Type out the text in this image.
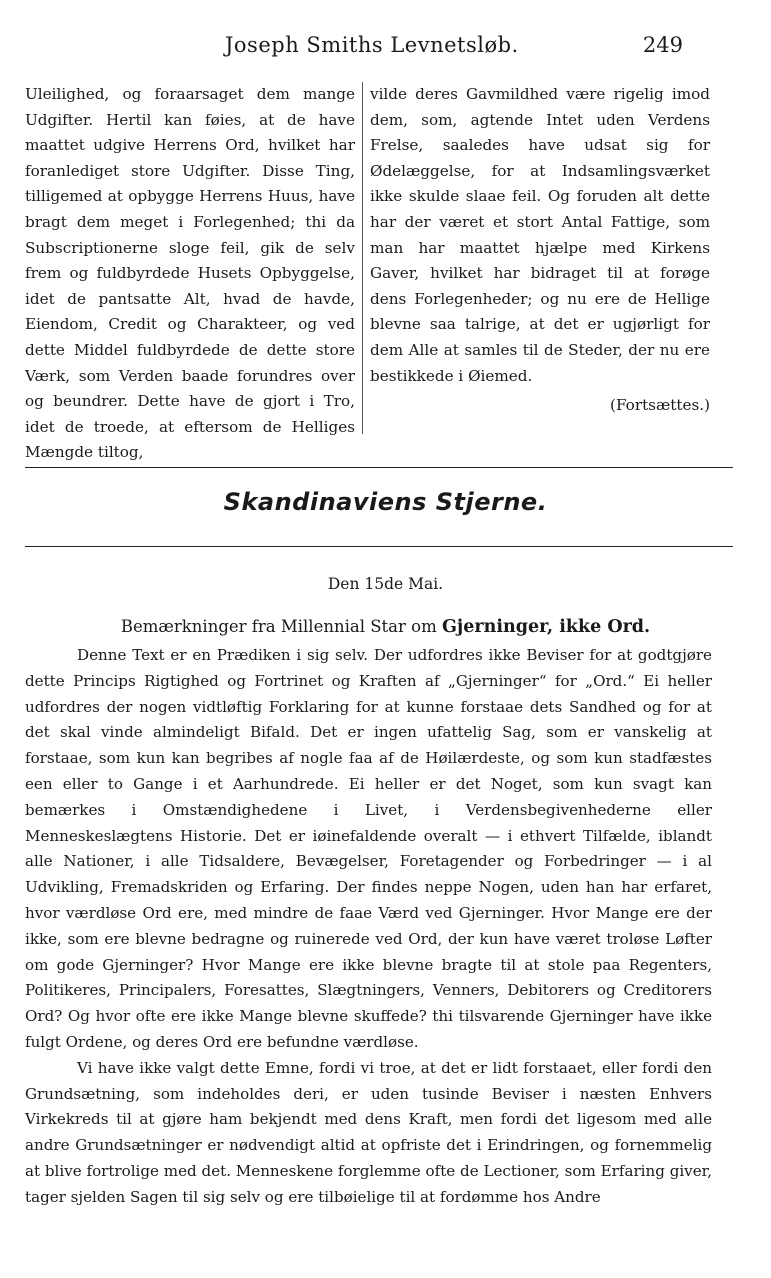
Joseph Smiths Levnetsløb.	249

Uleilighed, og foraarsaget dem mange Udgifter. Hertil kan føies, at de have maattet udgive Herrens Ord, hvilket har foranlediget store Udgifter. Disse Ting, tilligemed at opbygge Herrens Huus, have bragt dem meget i Forlegenhed; thi da Subscriptionerne sloge feil, gik de selv frem og fuldbyrdede Husets Opbyggelse, idet de pantsatte Alt, hvad de havde, Eiendom, Credit og Charakteer, og ved dette Middel fuldbyrdede de dette store Værk, som Verden baade forundres over og beundrer. Dette have de gjort i Tro, idet de troede, at eftersom de Helliges Mængde tiltog,

vilde deres Gavmildhed være rigelig imod dem, som, agtende Intet uden Verdens Frelse, saaledes have udsat sig for Ødelæggelse, for at Indsamlingsværket ikke skulde slaae feil. Og foruden alt dette har der været et stort Antal Fattige, som man har maattet hjælpe med Kirkens Gaver, hvilket har bidraget til at forøge dens Forlegenheder; og nu ere de Hellige blevne saa talrige, at det er ugjørligt for dem Alle at samles til de Steder, der nu ere bestikkede i Øiemed.

(Fortsættes.)
Skandinaviens Stjerne.
Den 15de Mai.
Bemærkninger fra Millennial Star om Gjerninger, ikke Ord.

Denne Text er en Prædiken i sig selv. Der udfordres ikke Beviser for at godtgjøre dette Princips Rigtighed og Fortrinet og Kraften af „Gjerninger“ for „Ord.“ Ei heller udfordres der nogen vidtløftig Forklaring for at kunne forstaae dets Sandhed og for at det skal vinde almindeligt Bifald. Det er ingen ufattelig Sag, som er vanskelig at forstaae, som kun kan begribes af nogle faa af de Høilærdeste, og som kun stadfæstes een eller to Gange i et Aarhundrede. Ei heller er det Noget, som kun svagt kan bemærkes i Omstændighedene i Livet, i Verdensbegivenhederne eller Menneskeslægtens Historie. Det er iøinefaldende overalt — i ethvert Tilfælde, iblandt alle Nationer, i alle Tidsaldere, Bevægelser, Foretagender og Forbedringer — i al Udvikling, Fremadskriden og Erfaring. Der findes neppe Nogen, uden han har erfaret, hvor værdløse Ord ere, med mindre de faae Værd ved Gjerninger. Hvor Mange ere der ikke, som ere blevne bedragne og ruinerede ved Ord, der kun have været troløse Løfter om gode Gjerninger? Hvor Mange ere ikke blevne bragte til at stole paa Regenters, Politikeres, Principalers, Foresattes, Slægtningers, Venners, Debitorers og Creditorers Ord? Og hvor ofte ere ikke Mange blevne skuffede? thi tilsvarende Gjerninger have ikke fulgt Ordene, og deres Ord ere befundne værdløse.

Vi have ikke valgt dette Emne, fordi vi troe, at det er lidt forstaaet, eller fordi den Grundsætning, som indeholdes deri, er uden tusinde Beviser i næsten Enhvers Virkekreds til at gjøre ham bekjendt med dens Kraft, men fordi det ligesom med alle andre Grundsætninger er nødvendigt altid at opfriste det i Erindringen, og fornemmelig at blive fortrolige med det. Menneskene forglemme ofte de Lectioner, som Erfaring giver, tager sjelden Sagen til sig selv og ere tilbøielige til at fordømme hos Andre
